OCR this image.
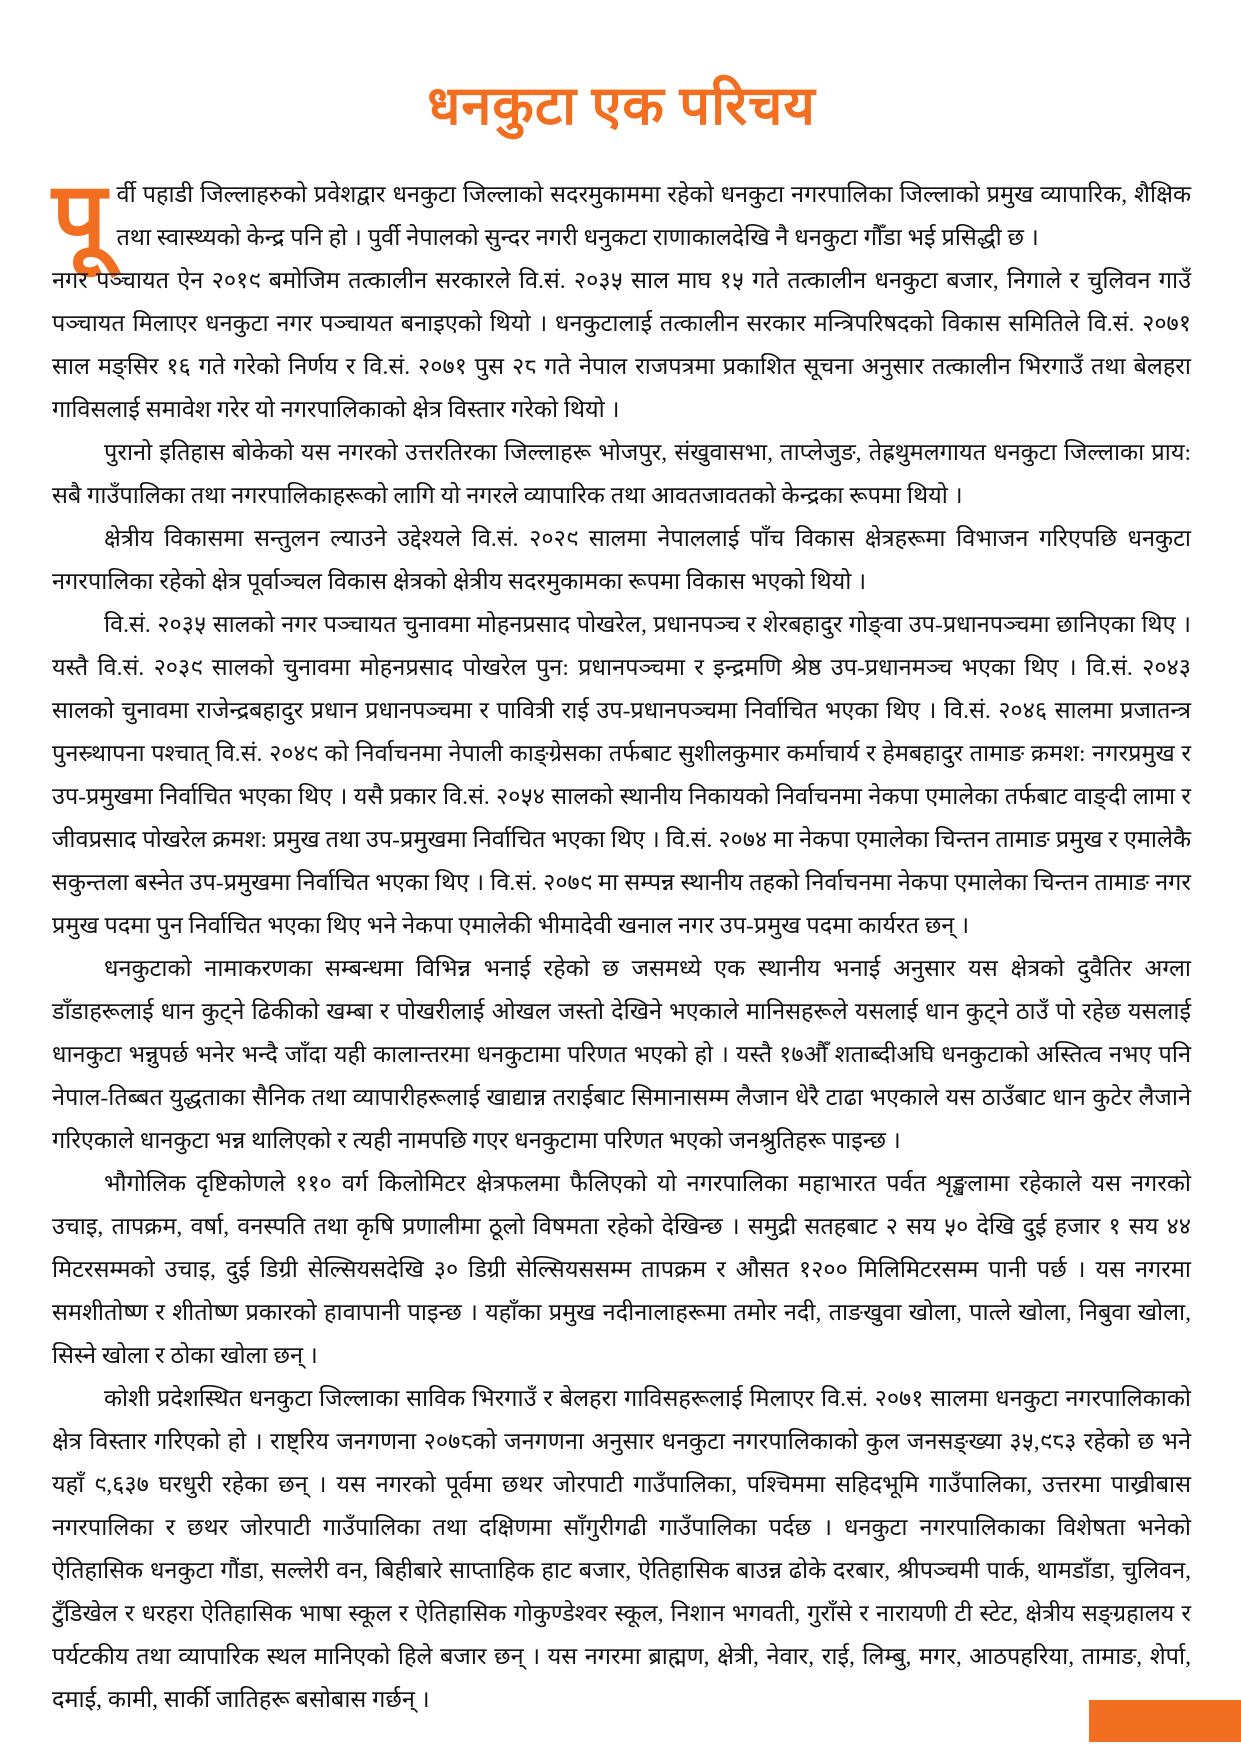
धनकुटा एक परिचय

पूर्वी पहाडी जिल्लाहरुको प्रवेशद्वार धनकुटा जिल्लाको सदरमुकाममा रहेको धनकुटा नगरपालिका जिल्लाको प्रमुख व्यापारिक, शैक्षिक तथा स्वास्थ्यको केन्द्र पनि हो । पुर्वी नेपालको सुन्दर नगरी धनुकटा राणाकालदेखि नै धनकुटा गौँडा भई प्रसिद्धी छ ।

नगर पञ्चायत ऐन २०१९ बमोजिम तत्कालीन सरकारले वि.सं. २०३५ साल माघ १५ गते तत्कालीन धनकुटा बजार, निगाले र चुलिवन गाउँ पञ्चायत मिलाएर धनकुटा नगर पञ्चायत बनाइएको थियो । धनकुटालाई तत्कालीन सरकार मन्त्रिपरिषदको विकास समितिले वि.सं. २०७१ साल मङ्सिर १६ गते गरेको निर्णय र वि.सं. २०७१ पुस २८ गते नेपाल राजपत्रमा प्रकाशित सूचना अनुसार तत्कालीन भिरगाउँ तथा बेलहरा गाविसलाई समावेश गरेर यो नगरपालिकाको क्षेत्र विस्तार गरेको थियो ।

पुरानो इतिहास बोकेको यस नगरको उत्तरतिरका जिल्लाहरू भोजपुर, संखुवासभा, ताप्लेजुङ, तेह्रथुमलगायत धनकुटा जिल्लाका प्राय: सबै गाउँपालिका तथा नगरपालिकाहरूको लागि यो नगरले व्यापारिक तथा आवतजावतको केन्द्रका रूपमा थियो ।

क्षेत्रीय विकासमा सन्तुलन ल्याउने उद्देश्यले वि.सं. २०२९ सालमा नेपाललाई पाँच विकास क्षेत्रहरूमा विभाजन गरिएपछि धनकुटा नगरपालिका रहेको क्षेत्र पूर्वाञ्चल विकास क्षेत्रको क्षेत्रीय सदरमुकामका रूपमा विकास भएको थियो ।

वि.सं. २०३५ सालको नगर पञ्चायत चुनावमा मोहनप्रसाद पोखरेल, प्रधानपञ्च र शेरबहादुर गोङ्वा उप-प्रधानपञ्चमा छानिएका थिए । यस्तै वि.सं. २०३९ सालको चुनावमा मोहनप्रसाद पोखरेल पुन: प्रधानपञ्चमा र इन्द्रमणि श्रेष्ठ उप-प्रधानमञ्च भएका थिए । वि.सं. २०४३ सालको चुनावमा राजेन्द्रबहादुर प्रधान प्रधानपञ्चमा र पावित्री राई उप-प्रधानपञ्चमा निर्वाचित भएका थिए । वि.सं. २०४६ सालमा प्रजातन्त्र पुनस्र्थापना पश्चात् वि.सं. २०४९ को निर्वाचनमा नेपाली काङ्ग्रेसका तर्फबाट सुशीलकुमार कर्माचार्य र हेमबहादुर तामाङ क्रमश: नगरप्रमुख र उप-प्रमुखमा निर्वाचित भएका थिए । यसै प्रकार वि.सं. २०५४ सालको स्थानीय निकायको निर्वाचनमा नेकपा एमालेका तर्फबाट वाङ्दी लामा र जीवप्रसाद पोखरेल क्रमश: प्रमुख तथा उप-प्रमुखमा निर्वाचित भएका थिए । वि.सं. २०७४ मा नेकपा एमालेका चिन्तन तामाङ प्रमुख र एमालेकै सकुन्तला बस्नेत उप-प्रमुखमा निर्वाचित भएका थिए । वि.सं. २०७९ मा सम्पन्न स्थानीय तहको निर्वाचनमा नेकपा एमालेका चिन्तन तामाङ नगर प्रमुख पदमा पुन निर्वाचित भएका थिए भने नेकपा एमालेकी भीमादेवी खनाल नगर उप-प्रमुख पदमा कार्यरत छन् ।

धनकुटाको नामाकरणका सम्बन्धमा विभिन्न भनाई रहेको छ जसमध्ये एक स्थानीय भनाई अनुसार यस क्षेत्रको दुवैतिर अग्ला डाँडाहरूलाई धान कुट्ने ढिकीको खम्बा र पोखरीलाई ओखल जस्तो देखिने भएकाले मानिसहरूले यसलाई धान कुट्ने ठाउँ पो रहेछ यसलाई धानकुटा भन्नुपर्छ भनेर भन्दै जाँदा यही कालान्तरमा धनकुटामा परिणत भएको हो । यस्तै १७औँ शताब्दीअघि धनकुटाको अस्तित्व नभए पनि नेपाल-तिब्बत युद्धताका सैनिक तथा व्यापारीहरूलाई खाद्यान्न तराईबाट सिमानासम्म लैजान धेरै टाढा भएकाले यस ठाउँबाट धान कुटेर लैजाने गरिएकाले धानकुटा भन्न थालिएको र त्यही नामपछि गएर धनकुटामा परिणत भएको जनश्रुतिहरू पाइन्छ ।

भौगोलिक दृष्टिकोणले ११० वर्ग किलोमिटर क्षेत्रफलमा फैलिएको यो नगरपालिका महाभारत पर्वत शृङ्खलामा रहेकाले यस नगरको उचाइ, तापक्रम, वर्षा, वनस्पति तथा कृषि प्रणालीमा ठूलो विषमता रहेको देखिन्छ । समुद्री सतहबाट २ सय ५० देखि दुई हजार १ सय ४४ मिटरसम्मको उचाइ, दुई डिग्री सेल्सियसदेखि ३० डिग्री सेल्सियससम्म तापक्रम र औसत १२०० मिलिमिटरसम्म पानी पर्छ । यस नगरमा समशीतोष्ण र शीतोष्ण प्रकारको हावापानी पाइन्छ । यहाँका प्रमुख नदीनालाहरूमा तमोर नदी, ताङखुवा खोला, पात्ले खोला, निबुवा खोला, सिस्ने खोला र ठोका खोला छन् ।

कोशी प्रदेशस्थित धनकुटा जिल्लाका साविक भिरगाउँ र बेलहरा गाविसहरूलाई मिलाएर वि.सं. २०७१ सालमा धनकुटा नगरपालिकाको क्षेत्र विस्तार गरिएको हो । राष्ट्रिय जनगणना २०७८को जनगणना अनुसार धनकुटा नगरपालिकाको कुल जनसङ्ख्या ३५,९८३ रहेको छ भने यहाँ ९,६३७ घरधुरी रहेका छन् । यस नगरको पूर्वमा छथर जोरपाटी गाउँपालिका, पश्चिममा सहिदभूमि गाउँपालिका, उत्तरमा पाख्रीबास नगरपालिका र छथर जोरपाटी गाउँपालिका तथा दक्षिणमा साँगुरीगढी गाउँपालिका पर्दछ । धनकुटा नगरपालिकाका विशेषता भनेको ऐतिहासिक धनकुटा गौंडा, सल्लेरी वन, बिहीबारे साप्ताहिक हाट बजार, ऐतिहासिक बाउन्न ढोके दरबार, श्रीपञ्चमी पार्क, थामडाँडा, चुलिवन, टुँडिखेल र धरहरा ऐतिहासिक भाषा स्कूल र ऐतिहासिक गोकुण्डेश्वर स्कूल, निशान भगवती, गुराँसे र नारायणी टी स्टेट, क्षेत्रीय सङ्ग्रहालय र पर्यटकीय तथा व्यापारिक स्थल मानिएको हिले बजार छन् । यस नगरमा ब्राह्मण, क्षेत्री, नेवार, राई, लिम्बु, मगर, आठपहरिया, तामाङ, शेर्पा, दमाई, कामी, सार्की जातिहरू बसोबास गर्छन् ।
